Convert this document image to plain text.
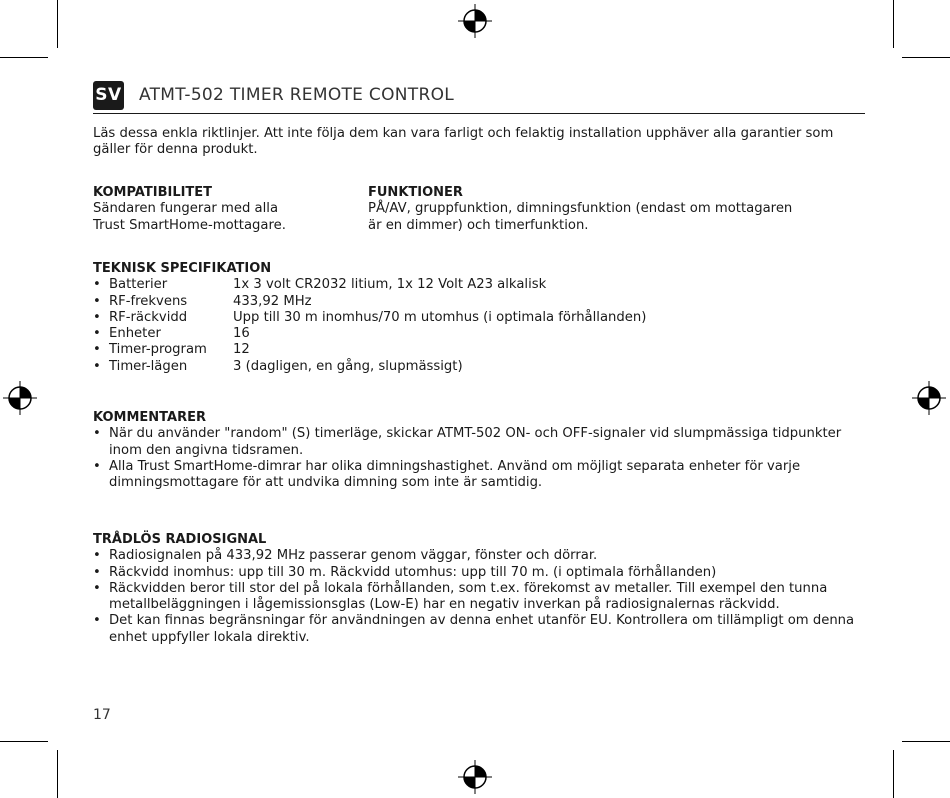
SV ATMT-502 TIMER REMOTE CONTROL
Läs dessa enkla riktlinjer. Att inte följa dem kan vara farligt och felaktig installation upphäver alla garantier som gäller för denna produkt.
KOMPATIBILITET
Sändaren fungerar med alla
Trust SmartHome-mottagare.
FUNKTIONER
PÅ/AV, gruppfunktion, dimningsfunktion (endast om mottagaren
är en dimmer) och timerfunktion.
TEKNISK SPECIFIKATION
• Batterier	1x 3 volt CR2032 litium, 1x 12 Volt A23 alkalisk
• RF-frekvens	433,92 MHz
• RF-räckvidd	Upp till 30 m inomhus/70 m utomhus (i optimala förhållanden)
• Enheter	16
• Timer-program	12
• Timer-lägen	3 (dagligen, en gång, slupmässigt)
KOMMENTARER
• När du använder "random" (S) timerläge, skickar ATMT-502 ON- och OFF-signaler vid slumpmässiga tidpunkter inom den angivna tidsramen.
• Alla Trust SmartHome-dimrar har olika dimningshastighet. Använd om möjligt separata enheter för varje dimningsmottagare för att undvika dimning som inte är samtidig.
TRÅDLÖS RADIOSIGNAL
• Radiosignalen på 433,92 MHz passerar genom väggar, fönster och dörrar.
• Räckvidd inomhus: upp till 30 m. Räckvidd utomhus: upp till 70 m. (i optimala förhållanden)
• Räckvidden beror till stor del på lokala förhållanden, som t.ex. förekomst av metaller. Till exempel den tunna metallbeläggningen i lågemissionsglas (Low-E) har en negativ inverkan på radiosignalernas räckvidd.
• Det kan finnas begränsningar för användningen av denna enhet utanför EU. Kontrollera om tillämpligt om denna enhet uppfyller lokala direktiv.
17
